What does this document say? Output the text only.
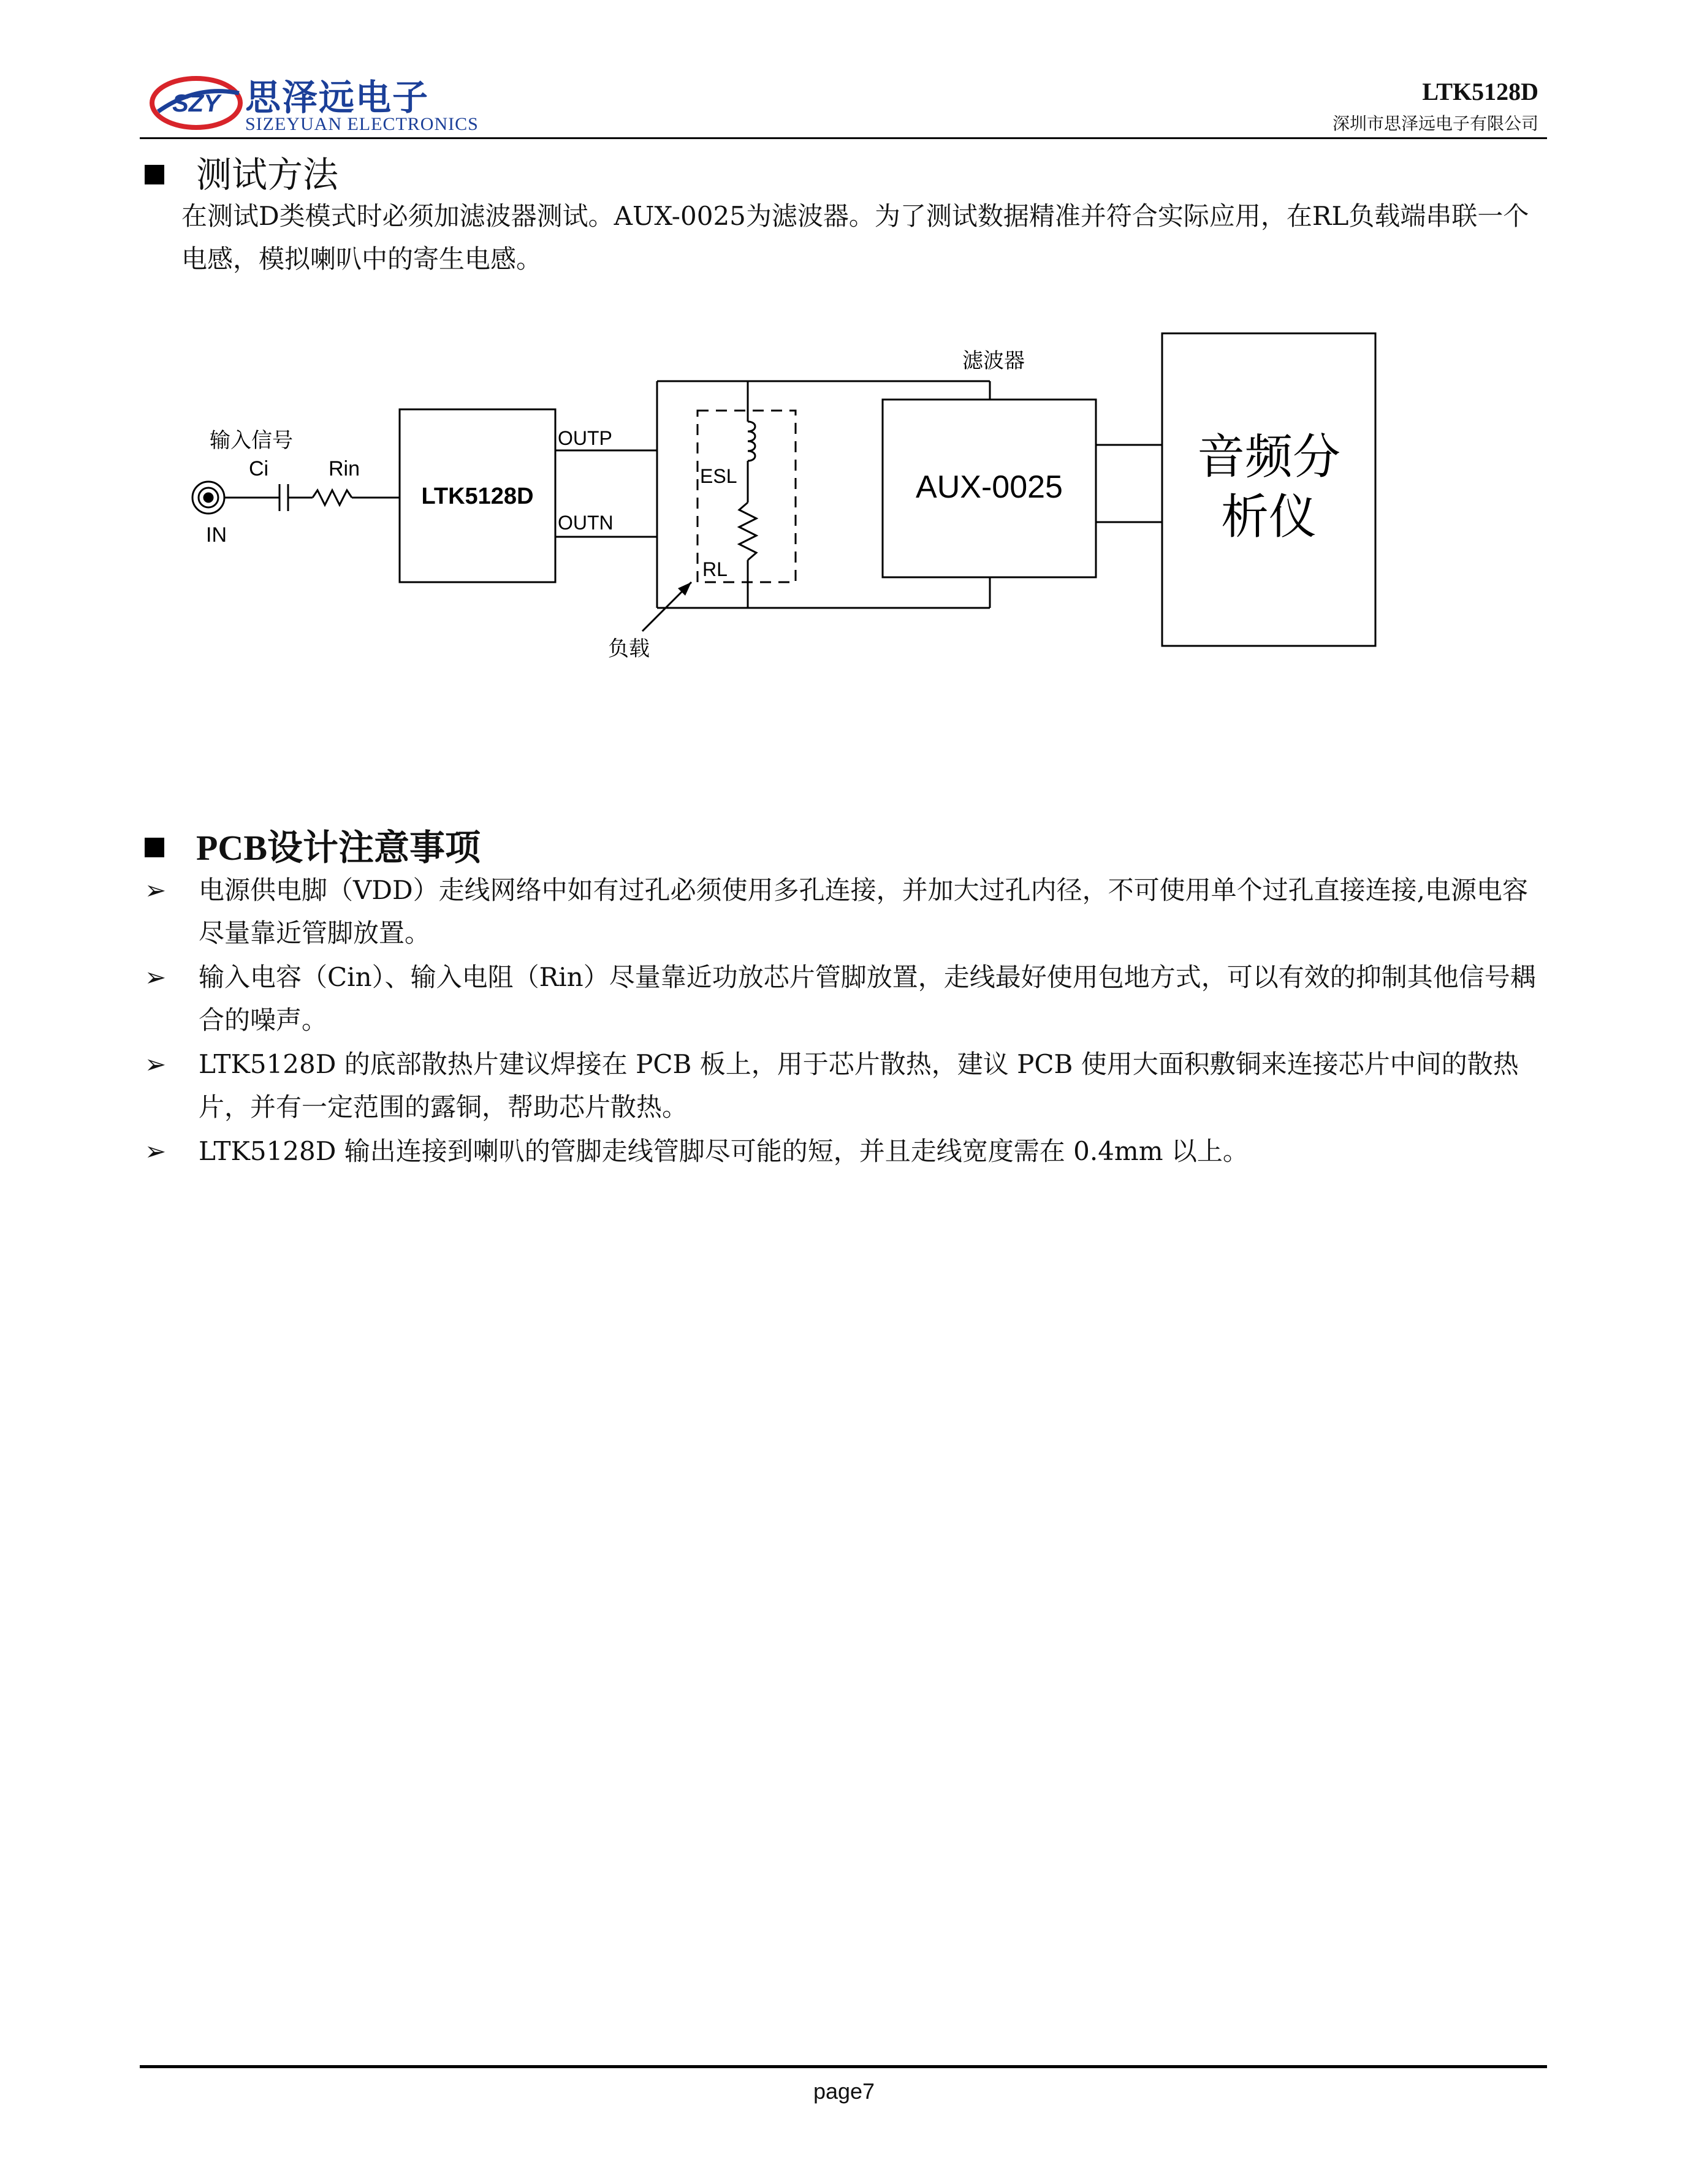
SZY 思泽远电子
SIZEYUAN ELECTRONICS
LTK5128D
深圳市思泽远电子有限公司
测试方法
在测试D类模式时必须加滤波器测试。AUX-0025为滤波器。为了测试数据精准并符合实际应用，在RL负载端串联一个电感，模拟喇叭中的寄生电感。
输入信号
Ci	Rin
IN
LTK5128D
OUTP
OUTN
ESL
RL
负载
滤波器
AUX-0025
音频分
析仪
PCB设计注意事项
➢ 电源供电脚（VDD）走线网络中如有过孔必须使用多孔连接，并加大过孔内径，不可使用单个过孔直接连接,电源电容尽量靠近管脚放置。
➢ 输入电容（Cin）、输入电阻（Rin）尽量靠近功放芯片管脚放置，走线最好使用包地方式，可以有效的抑制其他信号耦合的噪声。
➢ LTK5128D 的底部散热片建议焊接在 PCB 板上，用于芯片散热，建议 PCB 使用大面积敷铜来连接芯片中间的散热片，并有一定范围的露铜，帮助芯片散热。
➢ LTK5128D 输出连接到喇叭的管脚走线管脚尽可能的短，并且走线宽度需在 0.4mm 以上。
page7
